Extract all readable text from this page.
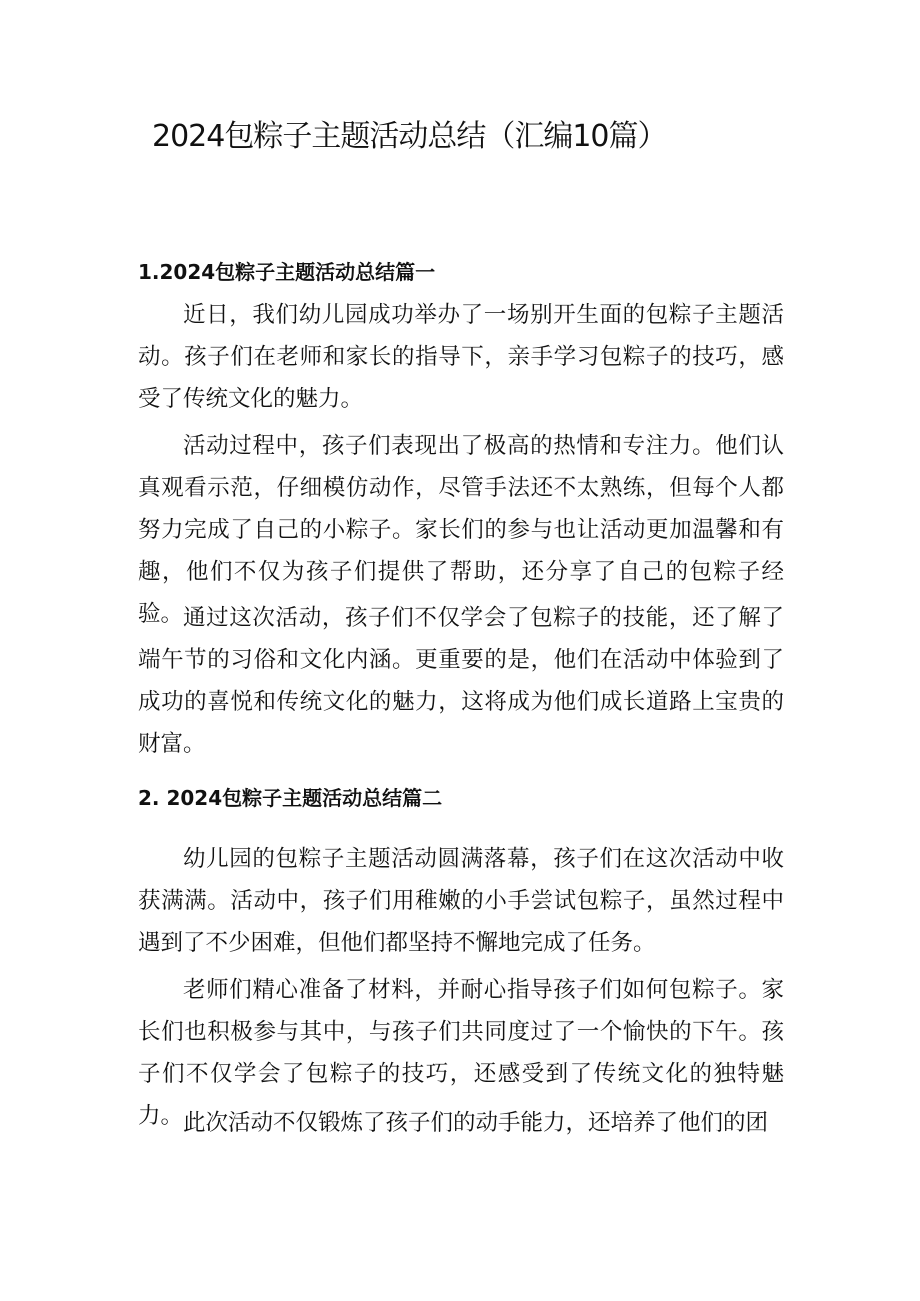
2024包粽子主题活动总结（汇编10篇）
1.2024包粽子主题活动总结篇一

近日，我们幼儿园成功举办了一场别开生面的包粽子主题活动。孩子们在老师和家长的指导下，亲手学习包粽子的技巧，感受了传统文化的魅力。

活动过程中，孩子们表现出了极高的热情和专注力。他们认真观看示范，仔细模仿动作，尽管手法还不太熟练，但每个人都努力完成了自己的小粽子。家长们的参与也让活动更加温馨和有趣，他们不仅为孩子们提供了帮助，还分享了自己的包粽子经验。 通过这次活动，孩子们不仅学会了包粽子的技能，还了解了端午节的习俗和文化内涵。更重要的是，他们在活动中体验到了成功的喜悦和传统文化的魅力，这将成为他们成长道路上宝贵的财富。

2. 2024包粽子主题活动总结篇二

幼儿园的包粽子主题活动圆满落幕，孩子们在这次活动中收获满满。活动中，孩子们用稚嫩的小手尝试包粽子，虽然过程中遇到了不少困难，但他们都坚持不懈地完成了任务。

老师们精心准备了材料，并耐心指导孩子们如何包粽子。家长们也积极参与其中，与孩子们共同度过了一个愉快的下午。孩子们不仅学会了包粽子的技巧，还感受到了传统文化的独特魅力。 此次活动不仅锻炼了孩子们的动手能力，还培养了他们的团
